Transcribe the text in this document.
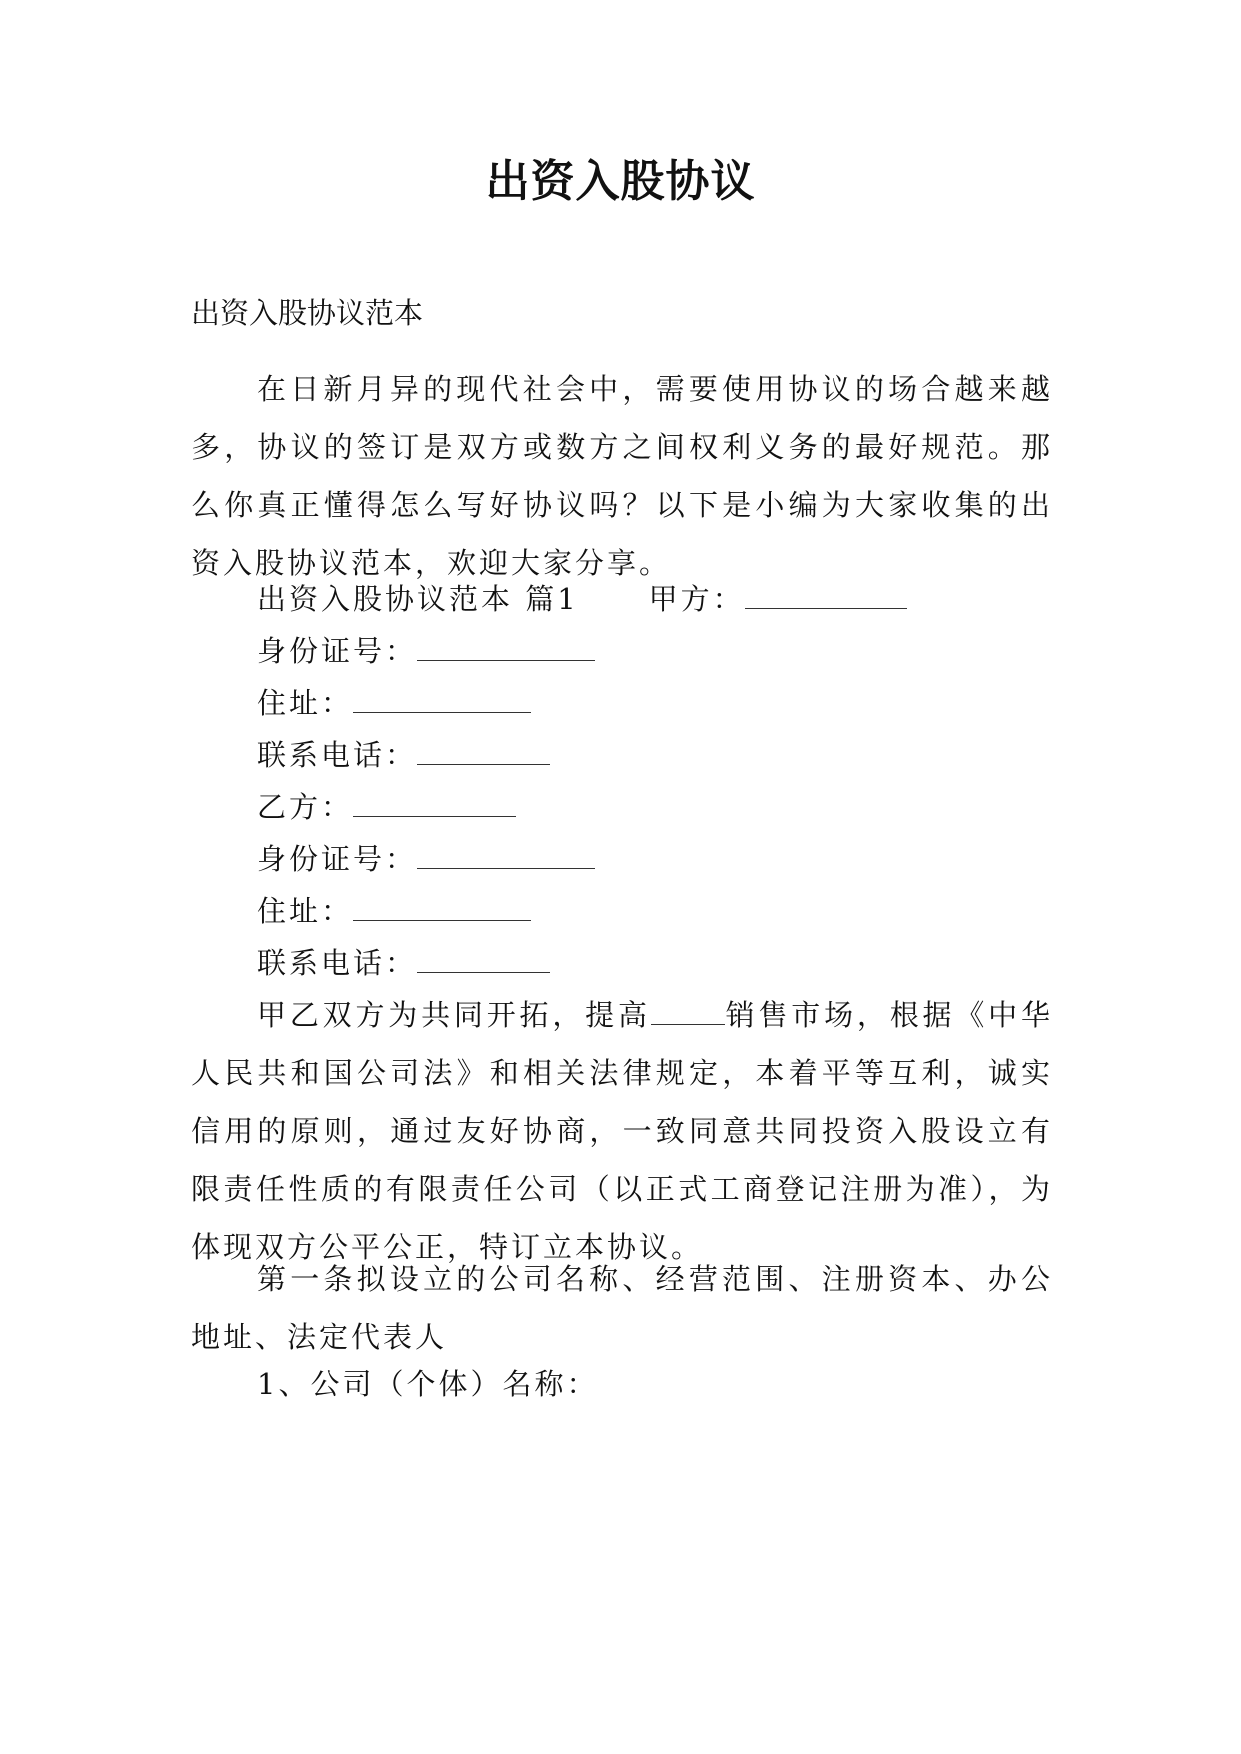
出资入股协议
出资入股协议范本

在日新月异的现代社会中，需要使用协议的场合越来越多，协议的签订是双方或数方之间权利义务的最好规范。那么你真正懂得怎么写好协议吗？以下是小编为大家收集的出资入股协议范本，欢迎大家分享。

出资入股协议范本 篇1 甲方：
身份证号：
住址：
联系电话：
乙方：
身份证号：
住址：
联系电话：

甲乙双方为共同开拓，提高	销售市场，根据《中华人民共和国公司法》和相关法律规定，本着平等互利，诚实信用的原则，通过友好协商，一致同意共同投资入股设立有限责任性质的有限责任公司（以正式工商登记注册为准），为体现双方公平公正，特订立本协议。

第一条拟设立的公司名称、经营范围、注册资本、办公地址、法定代表人

1、公司（个体）名称：
